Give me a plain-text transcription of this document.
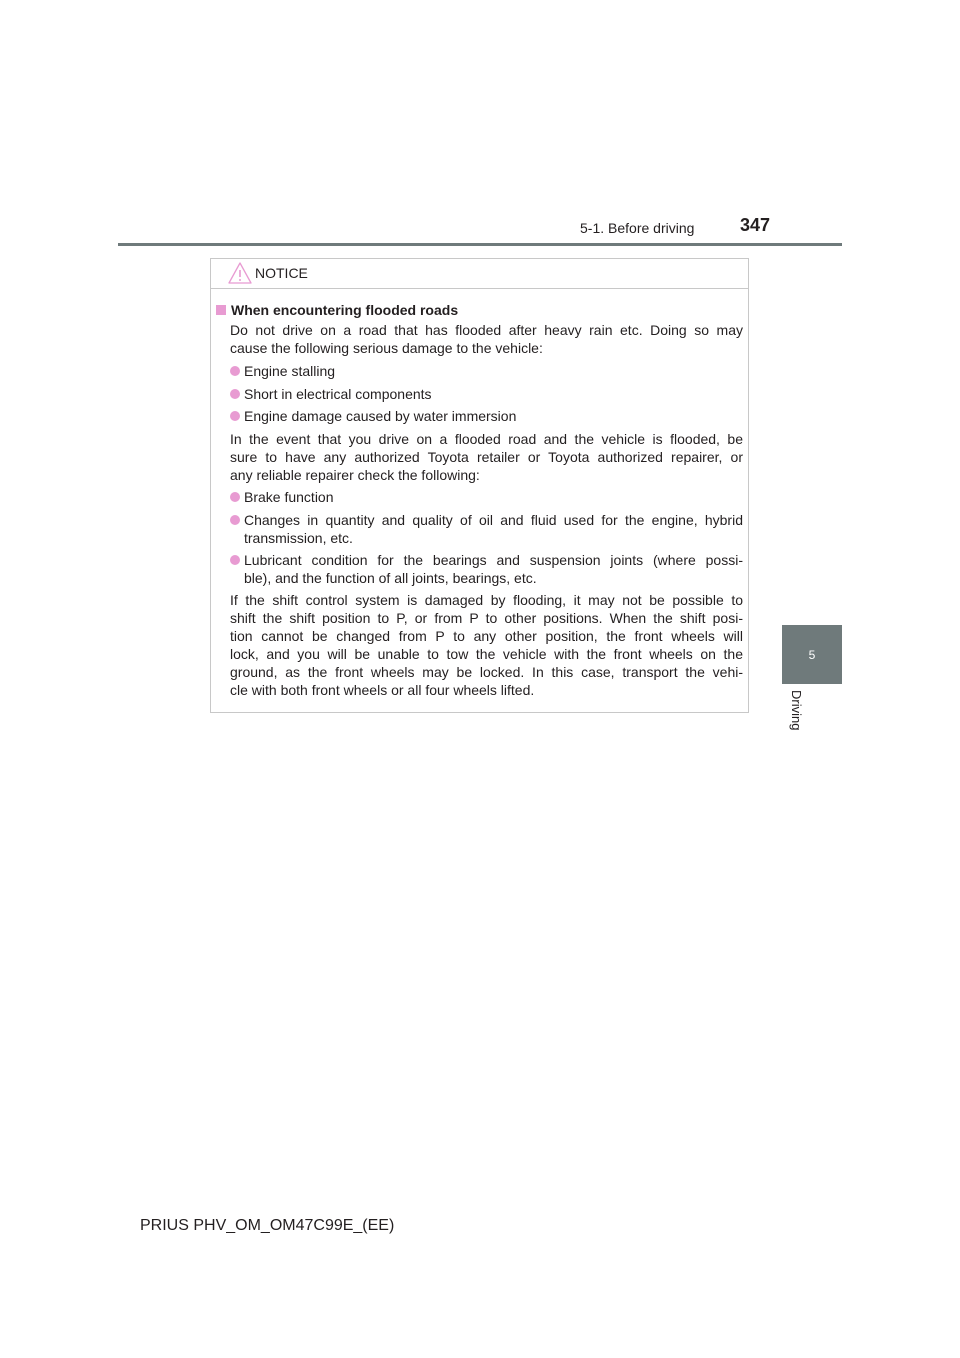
5-1. Before driving	347
5
Driving
NOTICE
When encountering flooded roads
Do not drive on a road that has flooded after heavy rain etc. Doing so may
cause the following serious damage to the vehicle:
Engine stalling
Short in electrical components
Engine damage caused by water immersion
In the event that you drive on a flooded road and the vehicle is flooded, be
sure to have any authorized Toyota retailer or Toyota authorized repairer, or
any reliable repairer check the following:
Brake function
Changes in quantity and quality of oil and fluid used for the engine, hybrid
transmission, etc.
Lubricant condition for the bearings and suspension joints (where possi-
ble), and the function of all joints, bearings, etc.
If the shift control system is damaged by flooding, it may not be possible to
shift the shift position to P, or from P to other positions. When the shift posi-
tion cannot be changed from P to any other position, the front wheels will
lock, and you will be unable to tow the vehicle with the front wheels on the
ground, as the front wheels may be locked. In this case, transport the vehi-
cle with both front wheels or all four wheels lifted.
PRIUS PHV_OM_OM47C99E_(EE)
